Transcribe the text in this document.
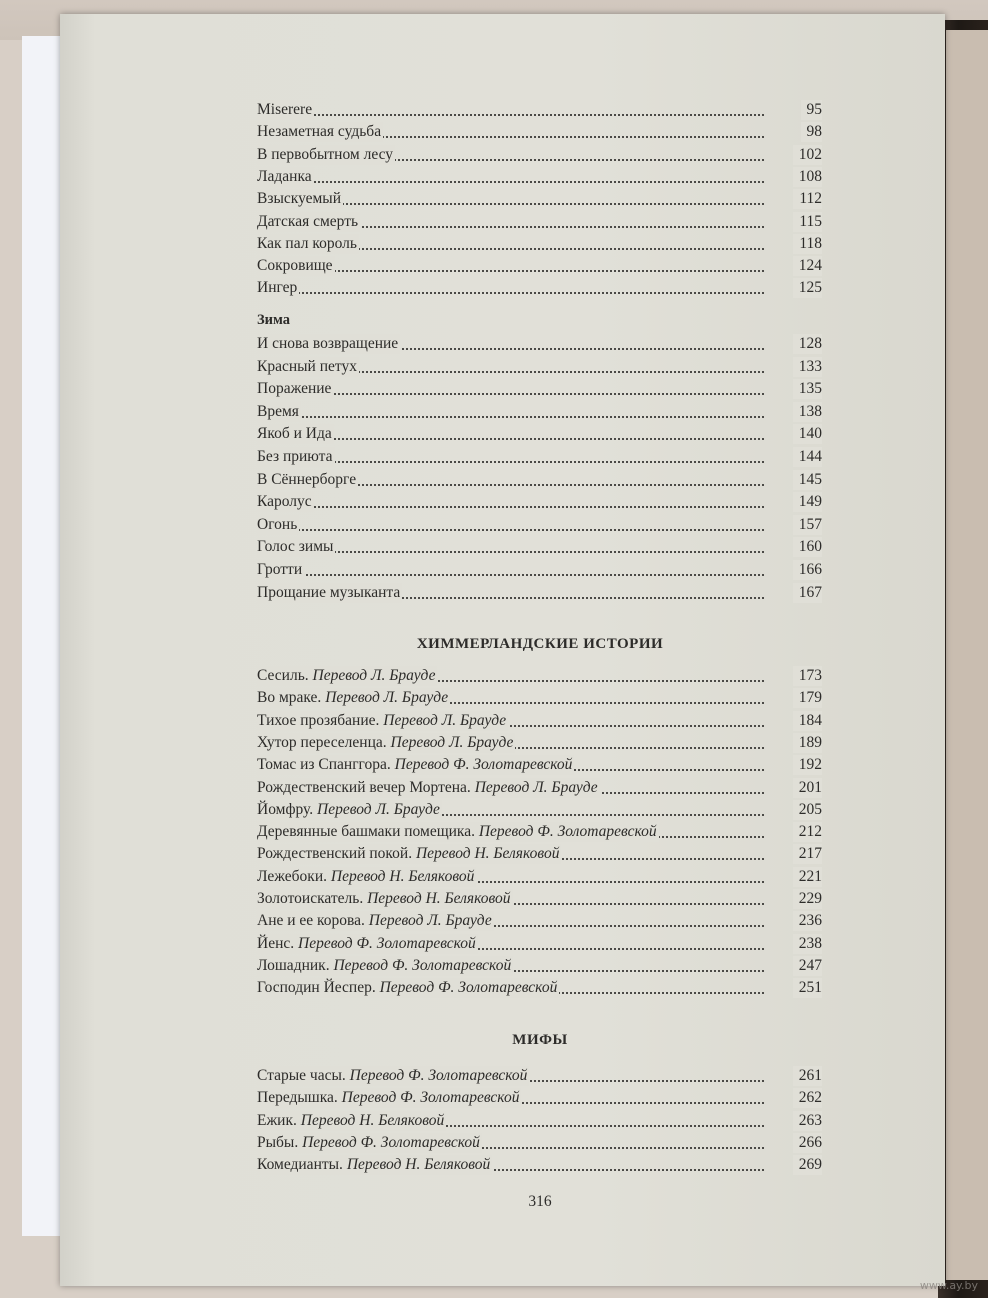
Зима
ХИММЕРЛАНДСКИЕ ИСТОРИИ
МИФЫ
316
Miserere	95
Незаметная судьба	98
В первобытном лесу	102
Ладанка	108
Взыскуемый	112
Датская смерть	115
Как пал король	118
Сокровище	124
Ингер	125
И снова возвращение	128
Красный петух	133
Поражение	135
Время	138
Якоб и Ида	140
Без приюта	144
В Сённерборге	145
Каролус	149
Огонь	157
Голос зимы	160
Гротти	166
Прощание музыканта	167
Сесиль. Перевод Л. Брауде	173
Во мраке. Перевод Л. Брауде	179
Тихое прозябание. Перевод Л. Брауде	184
Хутор переселенца. Перевод Л. Брауде	189
Томас из Спанггора. Перевод Ф. Золотаревской	192
Рождественский вечер Мортена. Перевод Л. Брауде	201
Йомфру. Перевод Л. Брауде	205
Деревянные башмаки помещика. Перевод Ф. Золотаревской	212
Рождественский покой. Перевод Н. Беляковой	217
Лежебоки. Перевод Н. Беляковой	221
Золотоискатель. Перевод Н. Беляковой	229
Ане и ее корова. Перевод Л. Брауде	236
Йенс. Перевод Ф. Золотаревской	238
Лошадник. Перевод Ф. Золотаревской	247
Господин Йеспер. Перевод Ф. Золотаревской	251
Старые часы. Перевод Ф. Золотаревской	261
Передышка. Перевод Ф. Золотаревской	262
Ежик. Перевод Н. Беляковой	263
Рыбы. Перевод Ф. Золотаревской	266
Комедианты. Перевод Н. Беляковой	269
www.ay.by
